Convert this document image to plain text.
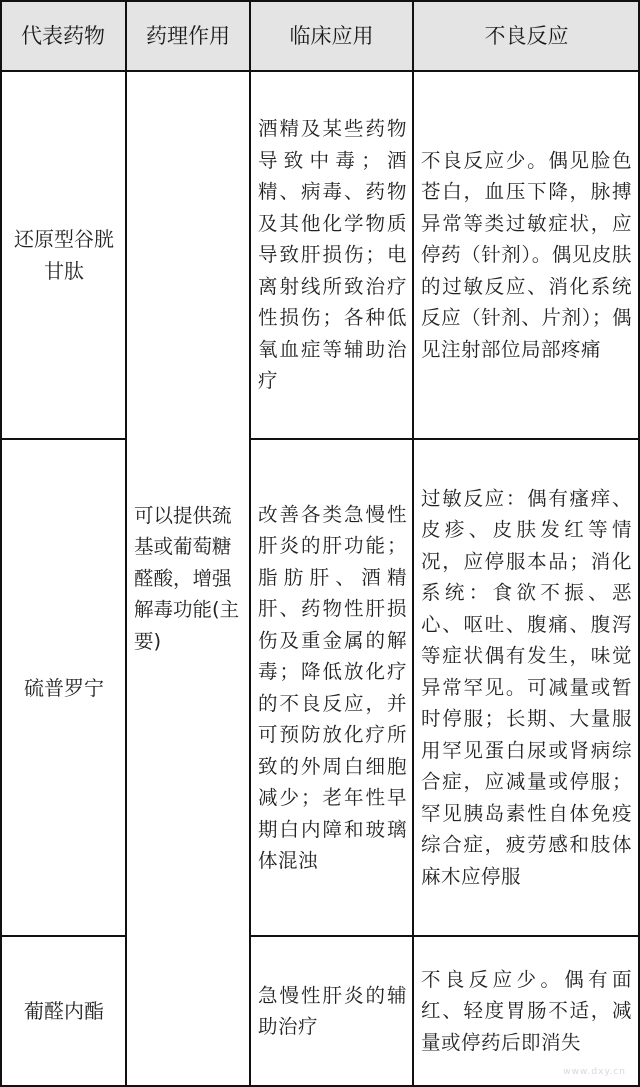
代表药物 药理作用	临床应用	不良反应
可以提供巯基或葡萄糖醛酸，增强解毒功能(主要)
还原型谷胱甘肽
酒精及某些药物导致中毒；酒精、病毒、药物及其他化学物质导致肝损伤；电离射线所致治疗性损伤；各种低氧血症等辅助治疗
不良反应少。偶见脸色苍白，血压下降，脉搏异常等类过敏症状，应停药（针剂）。偶见皮肤的过敏反应、消化系统反应（针剂、片剂）；偶见注射部位局部疼痛
硫普罗宁
改善各类急慢性肝炎的肝功能；脂肪肝、酒精肝、药物性肝损伤及重金属的解毒；降低放化疗的不良反应，并可预防放化疗所致的外周白细胞减少；老年性早期白内障和玻璃体混浊
过敏反应：偶有瘙痒、皮疹、皮肤发红等情况，应停服本品；消化系统：食欲不振、恶心、呕吐、腹痛、腹泻等症状偶有发生，味觉异常罕见。可减量或暂时停服；长期、大量服用罕见蛋白尿或肾病综合症，应减量或停服；罕见胰岛素性自体免疫综合症，疲劳感和肢体麻木应停服
葡醛内酯
急慢性肝炎的辅助治疗
不良反应少。偶有面红、轻度胃肠不适，减量或停药后即消失
www.dxy.cn
